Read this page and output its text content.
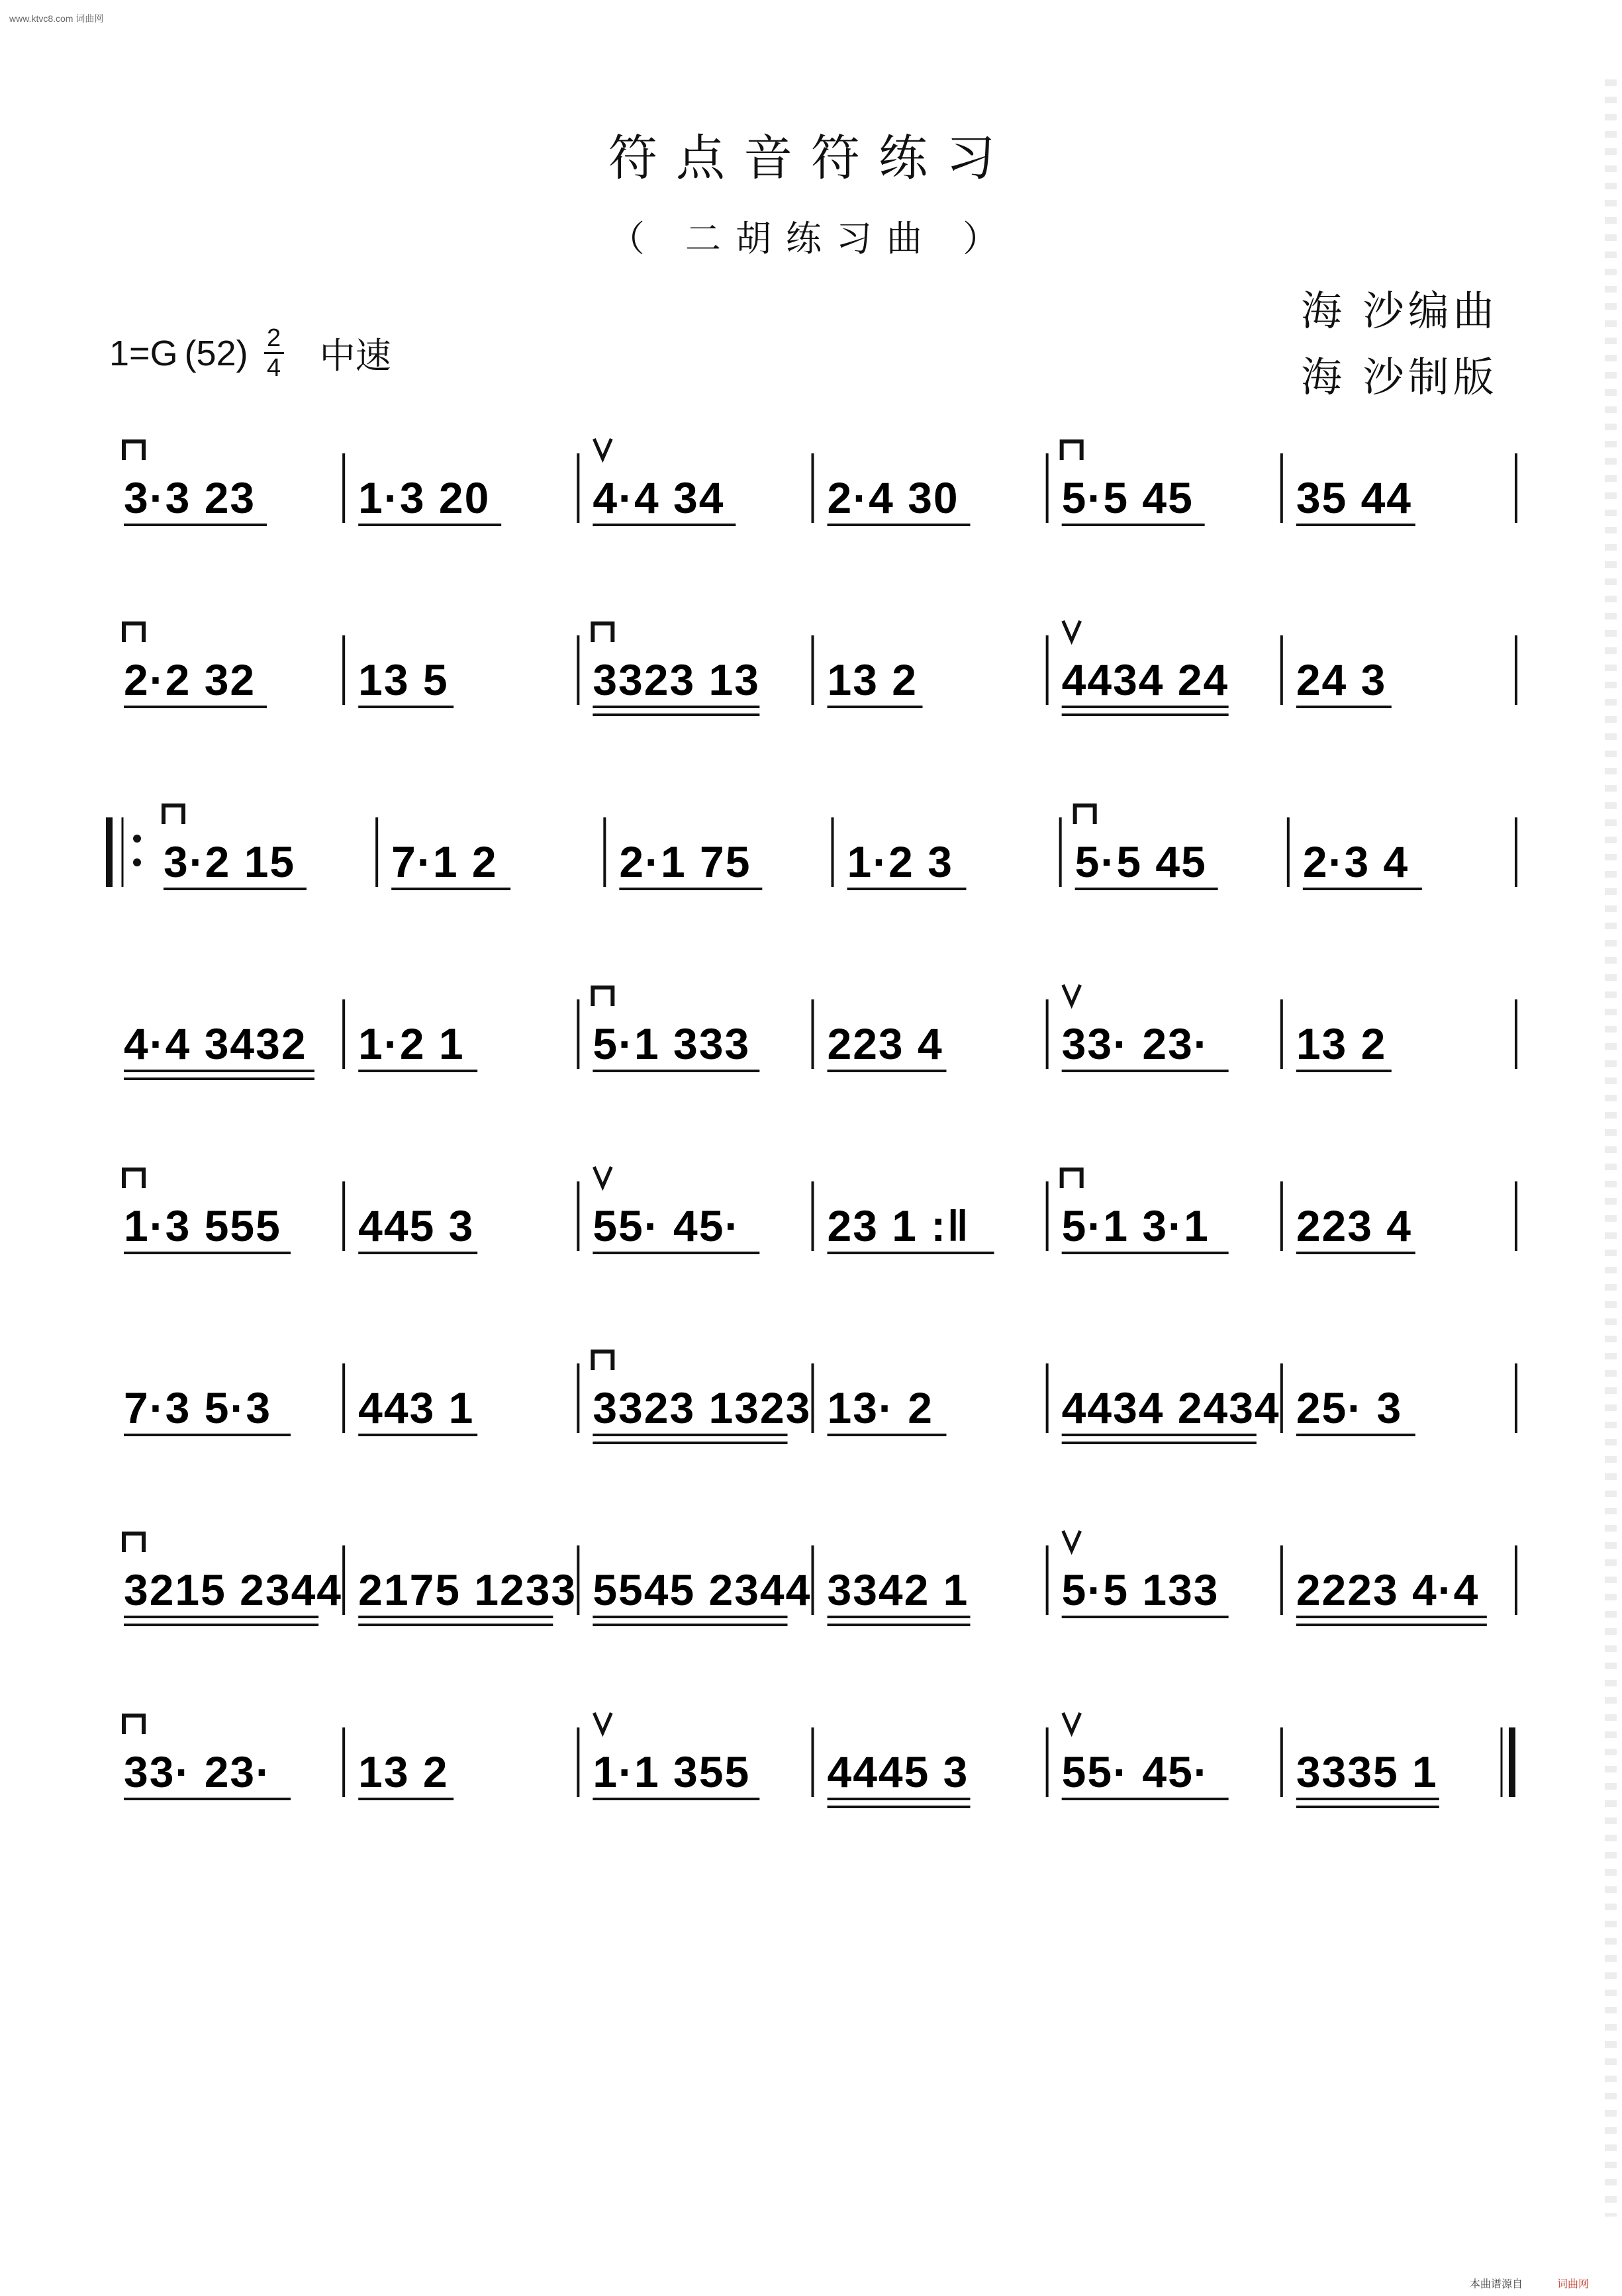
www.ktvc8.com 词曲网
符点音符练习
（ 二胡练习曲 ）
海 沙编曲
海 沙制版
1=G $(52) \frac{2}{4}$ 中速
3·3 23 1·3 20 4·4 34 2·4 30 5·5 45 35 44
2·2 32 13 5	3323 13 13 2	4434 24 24 3
3·2 15 7·1 2	2·1 75 1·2 3	5·5 45 2·3 4
4·4 3432 1·2 1	5·1 333 223 4	33· 23· 13 2
1·3 555 445 3	55· 45· 23 1 :‖ 5·1 3·1 223 4
7·3 5·3 443 1	3323 1323 13· 2	4434 2434 25· 3
3215 2344 2175 1233 5545 2344 3342 1 5·5 133 2223 4·4
33· 23· 13 2	1·1 355 4445 3 55· 45· 3335 1
本曲谱源自	词曲网
